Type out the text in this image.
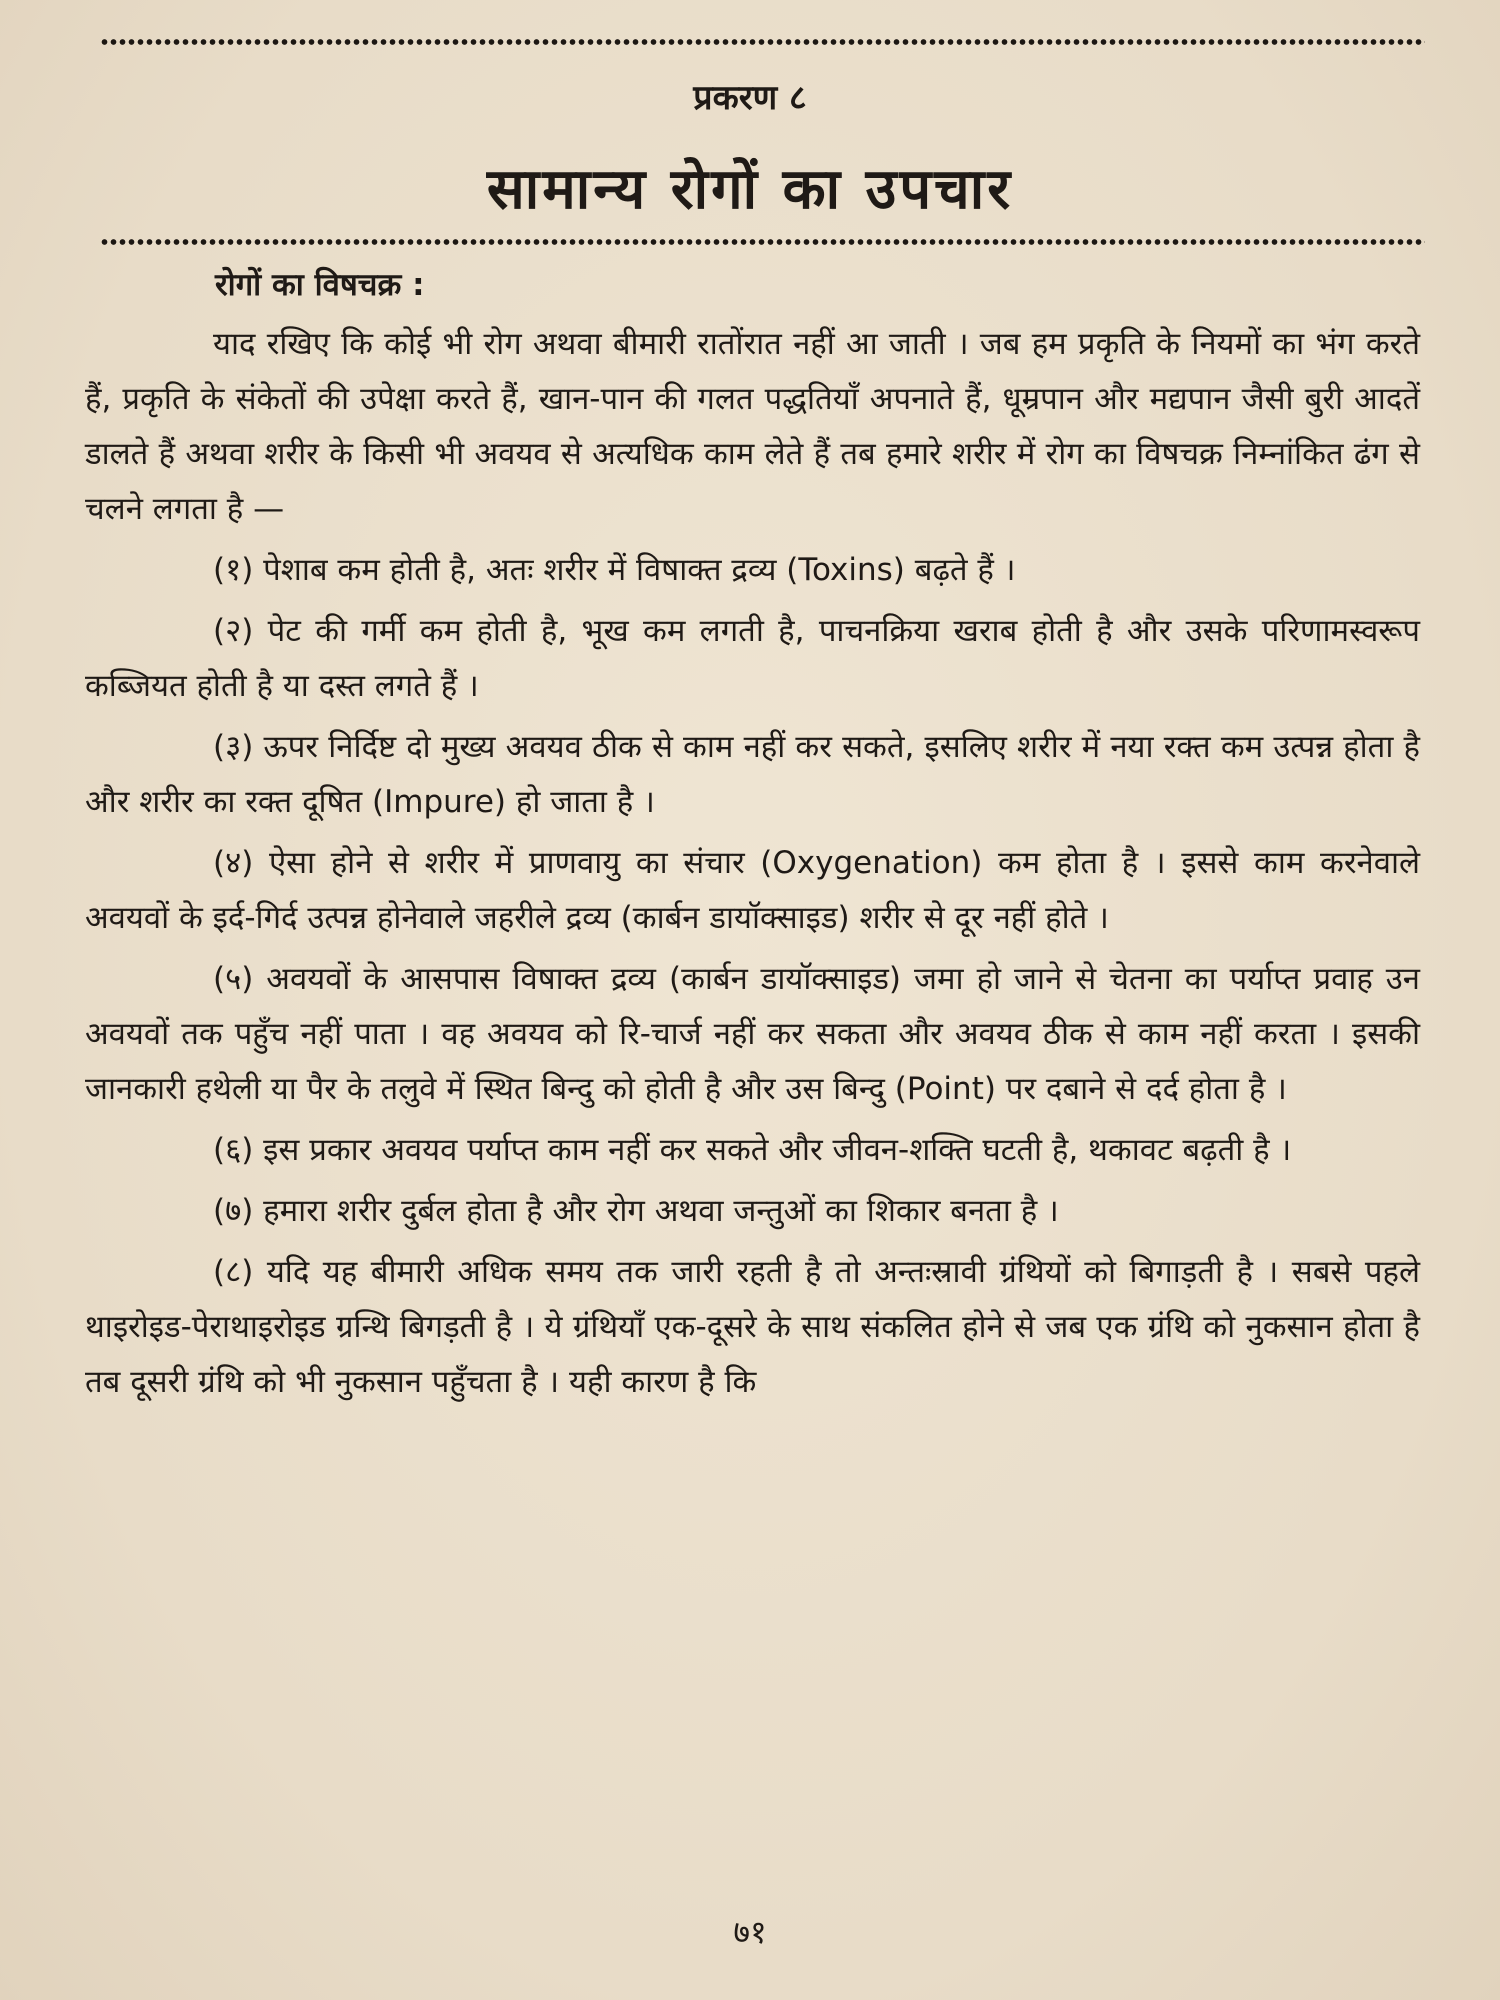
प्रकरण ८
सामान्य रोगों का उपचार

रोगों का विषचक्र :

याद रखिए कि कोई भी रोग अथवा बीमारी रातोंरात नहीं आ जाती । जब हम प्रकृति के नियमों का भंग करते हैं, प्रकृति के संकेतों की उपेक्षा करते हैं, खान-पान की गलत पद्धतियाँ अपनाते हैं, धूम्रपान और मद्यपान जैसी बुरी आदतें डालते हैं अथवा शरीर के किसी भी अवयव से अत्यधिक काम लेते हैं तब हमारे शरीर में रोग का विषचक्र निम्नांकित ढंग से चलने लगता है —

(१) पेशाब कम होती है, अतः शरीर में विषाक्त द्रव्य (Toxins) बढ़ते हैं ।

(२) पेट की गर्मी कम होती है, भूख कम लगती है, पाचनक्रिया खराब होती है और उसके परिणामस्वरूप कब्जियत होती है या दस्त लगते हैं ।

(३) ऊपर निर्दिष्ट दो मुख्य अवयव ठीक से काम नहीं कर सकते, इसलिए शरीर में नया रक्त कम उत्पन्न होता है और शरीर का रक्त दूषित (Impure) हो जाता है ।

(४) ऐसा होने से शरीर में प्राणवायु का संचार (Oxygenation) कम होता है । इससे काम करनेवाले अवयवों के इर्द-गिर्द उत्पन्न होनेवाले जहरीले द्रव्य (कार्बन डायॉक्साइड) शरीर से दूर नहीं होते ।

(५) अवयवों के आसपास विषाक्त द्रव्य (कार्बन डायॉक्साइड) जमा हो जाने से चेतना का पर्याप्त प्रवाह उन अवयवों तक पहुँच नहीं पाता । वह अवयव को रि-चार्ज नहीं कर सकता और अवयव ठीक से काम नहीं करता । इसकी जानकारी हथेली या पैर के तलुवे में स्थित बिन्दु को होती है और उस बिन्दु (Point) पर दबाने से दर्द होता है ।

(६) इस प्रकार अवयव पर्याप्त काम नहीं कर सकते और जीवन-शक्ति घटती है, थकावट बढ़ती है ।

(७) हमारा शरीर दुर्बल होता है और रोग अथवा जन्तुओं का शिकार बनता है ।

(८) यदि यह बीमारी अधिक समय तक जारी रहती है तो अन्तःस्रावी ग्रंथियों को बिगाड़ती है । सबसे पहले थाइरोइड-पेराथाइरोइड ग्रन्थि बिगड़ती है । ये ग्रंथियाँ एक-दूसरे के साथ संकलित होने से जब एक ग्रंथि को नुकसान होता है तब दूसरी ग्रंथि को भी नुकसान पहुँचता है । यही कारण है कि

७१
